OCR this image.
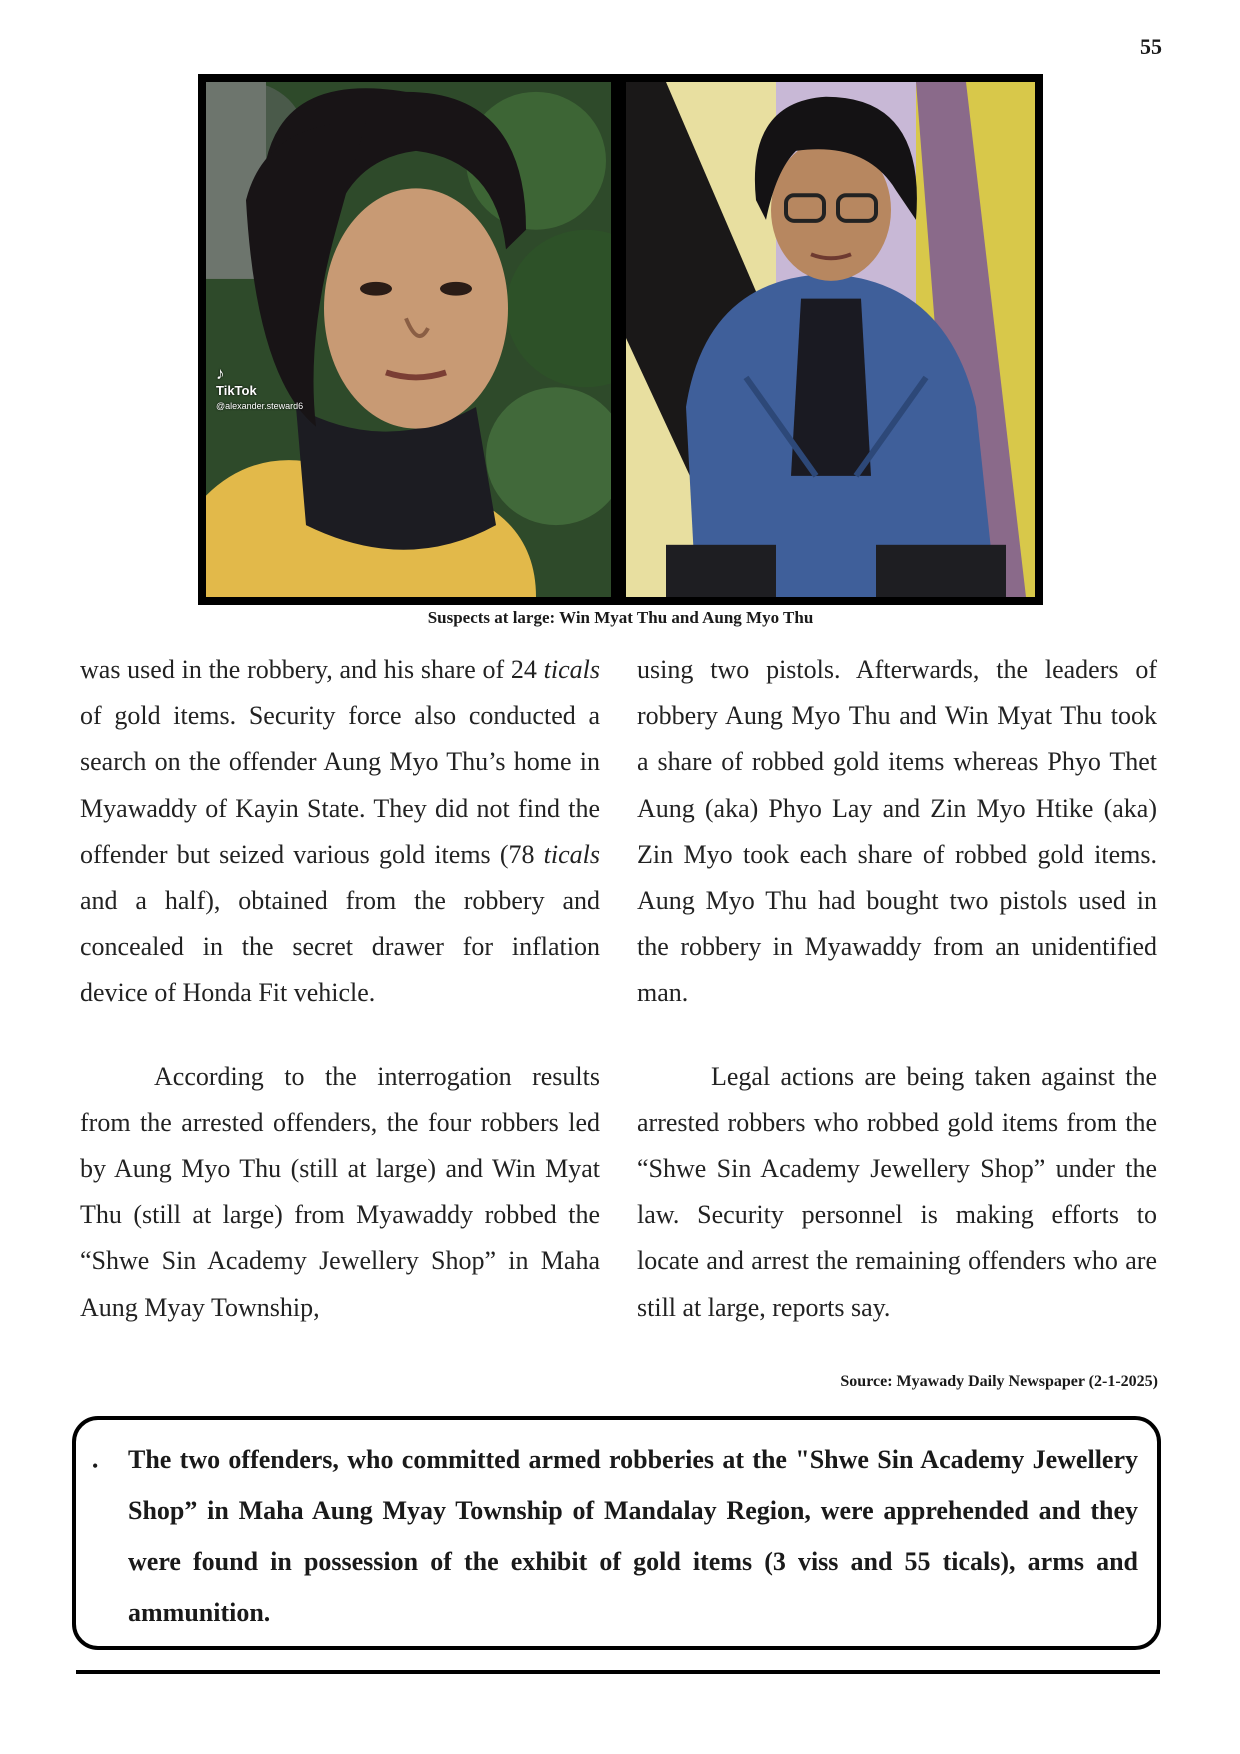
55
♪
TikTok
@alexander.steward6
Suspects at large: Win Myat Thu and Aung Myo Thu

was used in the robbery, and his share of 24 ticals of gold items. Security force also conducted a search on the offender Aung Myo Thu’s home in Myawaddy of Kayin State. They did not find the offender but seized various gold items (78 ticals and a half), obtained from the robbery and concealed in the secret drawer for inflation device of Honda Fit vehicle.

According to the interrogation results from the arrested offenders, the four robbers led by Aung Myo Thu (still at large) and Win Myat Thu (still at large) from Myawaddy robbed the “Shwe Sin Academy Jewellery Shop” in Maha Aung Myay Township,

using two pistols. Afterwards, the leaders of robbery Aung Myo Thu and Win Myat Thu took a share of robbed gold items whereas Phyo Thet Aung (aka) Phyo Lay and Zin Myo Htike (aka) Zin Myo took each share of robbed gold items. Aung Myo Thu had bought two pistols used in the robbery in Myawaddy from an unidentified man.

Legal actions are being taken against the arrested robbers who robbed gold items from the “Shwe Sin Academy Jewellery Shop” under the law. Security personnel is making efforts to locate and arrest the remaining offenders who are still at large, reports say.

Source: Myawady Daily Newspaper (2-1-2025)
• The two offenders, who committed armed robberies at the "Shwe Sin Academy Jewellery Shop” in Maha Aung Myay Township of Mandalay Region, were apprehended and they were found in possession of the exhibit of gold items (3 viss and 55 ticals), arms and ammunition.
